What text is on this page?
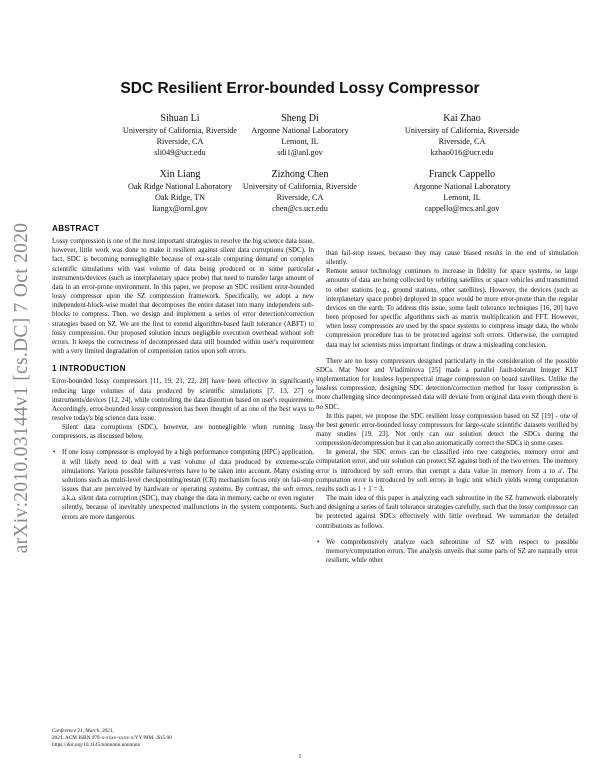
arXiv:2010.03144v1 [cs.DC] 7 Oct 2020
SDC Resilient Error-bounded Lossy Compressor
Sihuan Li
University of California, Riverside
Riverside, CA
sli049@ucr.edu
Sheng Di
Argonne National Laboratory
Lemont, IL
sdi1@anl.gov
Kai Zhao
University of California, Riverside
Riverside, CA
kzhao016@ucr.edu
Xin Liang
Oak Ridge National Laboratory
Oak Ridge, TN
liangx@ornl.gov
Zizhong Chen
University of California, Riverside
Riverside, CA
chen@cs.ucr.edu
Franck Cappello
Argonne National Laboratory
Lemont, IL
cappello@mcs.anl.gov
ABSTRACT

Lossy compression is one of the most important strategies to resolve the big science data issue, however, little work was done to make it resilient against silent data corruptions (SDC). In fact, SDC is becoming nonnegligible because of exa-scale computing demand on complex scientific simulations with vast volume of data being produced or in some particular instruments/devices (such as interplanetary space probe) that need to transfer large amount of data in an error-prone environment. In this paper, we propose an SDC resilient error-bounded lossy compressor upon the SZ compression framework. Specifically, we adopt a new independent-block-wise model that decomposes the entire dataset into many independent sub-blocks to compress. Then, we design and implement a series of error detection/correction strategies based on SZ. We are the first to extend algorithm-based fault tolerance (ABFT) to lossy compression. Our proposed solution incurs negligible execution overhead without soft errors. It keeps the correctness of decompressed data still bounded within user's requirement with a very limited degradation of compression ratios upon soft errors.

1 INTRODUCTION

Error-bounded lossy compressors [11, 19, 21, 22, 28] have been effective in significantly reducing large volumes of data produced by scientific simulations [7, 13, 27] or instruments/devices [12, 24], while controlling the data distortion based on user's requirement. Accordingly, error-bounded lossy compression has been thought of as one of the best ways to resolve today's big science data issue.

Silent data corruptions (SDC), however, are nonnegligible when running lossy compressors, as discussed below.

• If one lossy compressor is employed by a high performance computing (HPC) application, it will likely need to deal with a vast volume of data produced by extreme-scale simulations. Various possible failures/errors have to be taken into account. Many existing solutions such as multi-level checkpointing/restart (CR) mechanism focus only on fail-stop issues that are perceived by hardware or operating systems. By contrast, the soft errors, a.k.a. silent data corruption (SDC), may change the data in memory, cache or even register silently, because of inevitably unexpected malfunctions in the system components. Such errors are more dangerous

than fail-stop issues, because they may cause biased results in the end of simulation silently.

• Remote sensor technology continues to increase in fidelity for space systems, so large amounts of data are being collected by orbiting satellites or space vehicles and transmitted to other stations (e.g., ground stations, other satellites). However, the devices (such as interplanetary space probe) deployed in space would be more error-prone than the regular devices on the earth. To address this issue, some fault tolerance techniques [16, 20] have been proposed for specific algorithms such as matrix multiplication and FFT. However, when lossy compressors are used by the space systems to compress image data, the whole compression procedure has to be protected against soft errors. Otherwise, the corrupted data may let scientists miss important findings or draw a misleading conclusion.

There are no lossy compressors designed particularly in the consideration of the possible SDCs. Mat Noor and Vladimirova [25] made a parallel fault-tolerant Integer KLT implementation for lossless hyperspectral image compression on board satellites. Unlike the lossless compression, designing SDC detection/correction method for lossy compression is more challenging since decompressed data will deviate from original data even though there is no SDC.

In this paper, we propose the SDC resilient lossy compression based on SZ [19] - one of the best generic error-bounded lossy compressors for large-scale scientific datasets verified by many studies [19, 23]. Not only can our solution detect the SDCs during the compression/decompression but it can also automatically correct the SDCs in some cases.

In general, the SDC errors can be classified into two categories, memory error and computation error, and our solution can protect SZ against both of the two errors. The memory error is introduced by soft errors that corrupt a data value in memory from a to a'. The computation error is introduced by soft errors in logic unit which yields wrong computation results such as 1 + 1 = 3.

The main idea of this paper is analyzing each subroutine in the SZ framework elaborately and designing a series of fault tolerance strategies carefully, such that the lossy compressor can be protected against SDCs effectively with little overhead. We summarize the detailed contributions as follows.

• We comprehensively analyze each subroutine of SZ with respect to possible memory/computation errors. The analysis unveils that some parts of SZ are naturally error resilient, while other

Conference'21, March, 2021,

2021. ACM ISBN 978-x-xxxx-xxxx-x/YY/MM...$15.00

https://doi.org/10.1145/nnnnnnn.nnnnnnn

1
